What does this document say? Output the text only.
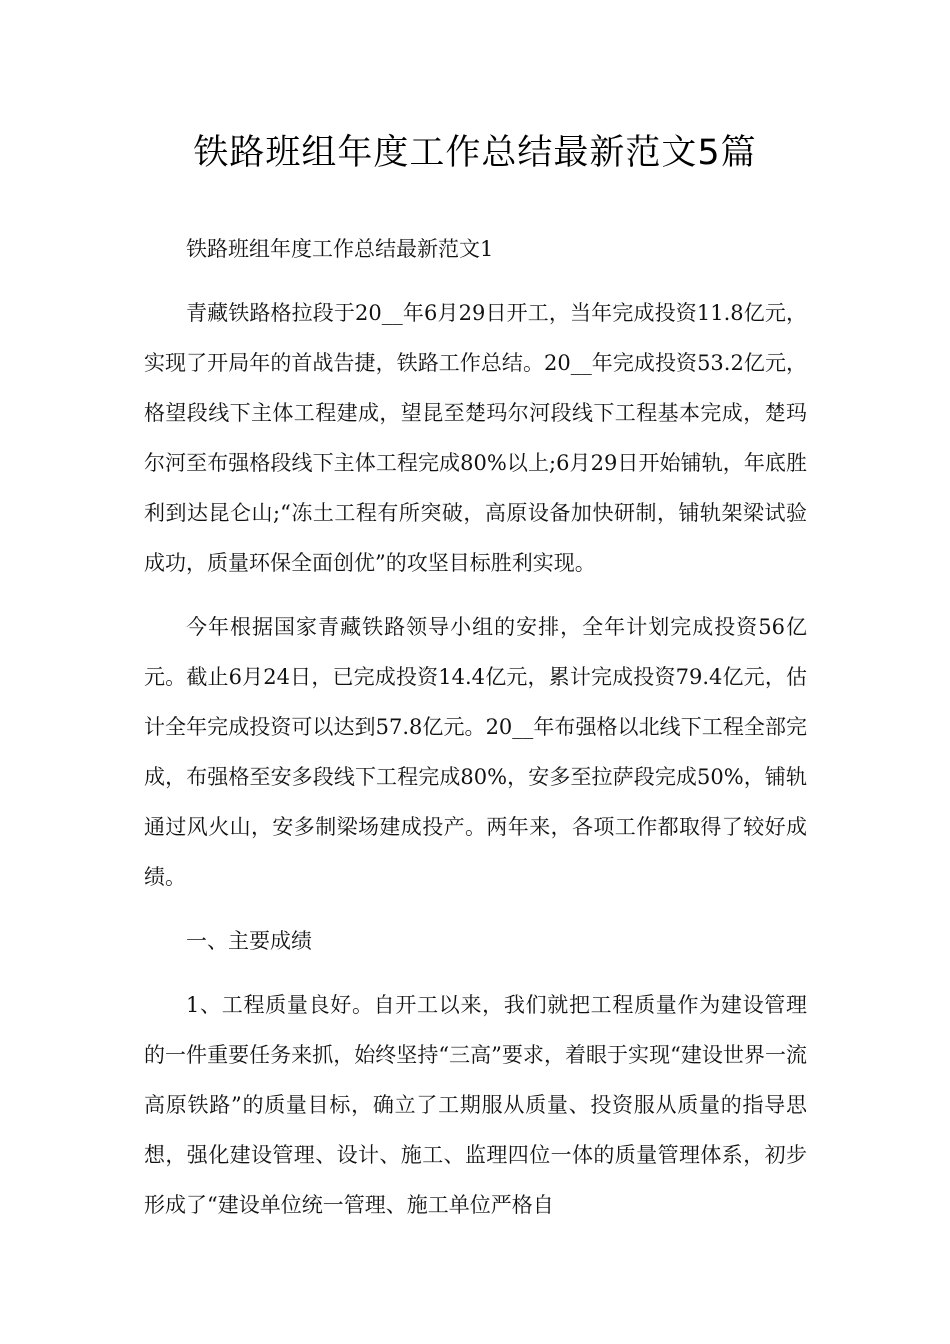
铁路班组年度工作总结最新范文5篇

铁路班组年度工作总结最新范文1

青藏铁路格拉段于20__年6月29日开工，当年完成投资11.8亿元，实现了开局年的首战告捷，铁路工作总结。20__年完成投资53.2亿元，格望段线下主体工程建成，望昆至楚玛尔河段线下工程基本完成，楚玛尔河至布强格段线下主体工程完成80%以上;6月29日开始铺轨，年底胜利到达昆仑山;“冻土工程有所突破，高原设备加快研制，铺轨架梁试验成功，质量环保全面创优”的攻坚目标胜利实现。

今年根据国家青藏铁路领导小组的安排，全年计划完成投资56亿元。截止6月24日，已完成投资14.4亿元，累计完成投资79.4亿元，估计全年完成投资可以达到57.8亿元。20__年布强格以北线下工程全部完成，布强格至安多段线下工程完成80%，安多至拉萨段完成50%，铺轨通过风火山，安多制梁场建成投产。两年来，各项工作都取得了较好成绩。

一、主要成绩

1、工程质量良好。自开工以来，我们就把工程质量作为建设管理的一件重要任务来抓，始终坚持“三高”要求，着眼于实现“建设世界一流高原铁路”的质量目标，确立了工期服从质量、投资服从质量的指导思想，强化建设管理、设计、施工、监理四位一体的质量管理体系，初步形成了“建设单位统一管理、施工单位严格自
